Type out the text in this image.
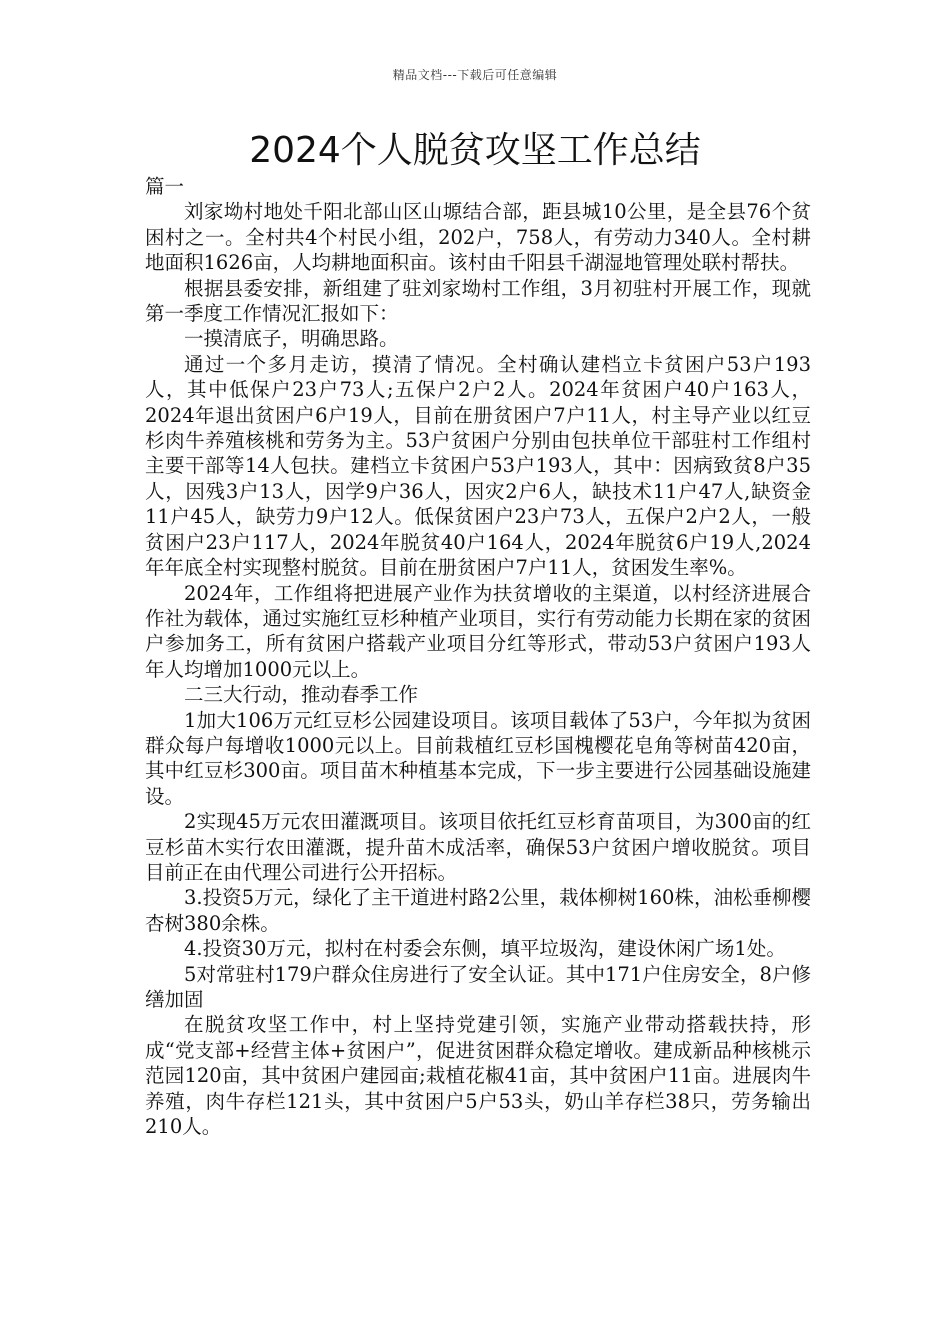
精品文档---下载后可任意编辑
2024个人脱贫攻坚工作总结

篇一

刘家坳村地处千阳北部山区山塬结合部，距县城10公里，是全县76个贫困村之一。全村共4个村民小组，202户，758人，有劳动力340人。全村耕地面积1626亩，人均耕地面积亩。该村由千阳县千湖湿地管理处联村帮扶。

根据县委安排，新组建了驻刘家坳村工作组，3月初驻村开展工作，现就第一季度工作情况汇报如下：

一摸清底子，明确思路。

通过一个多月走访，摸清了情况。全村确认建档立卡贫困户53户193人，其中低保户23户73人;五保户2户2人。2024年贫困户40户163人，2024年退出贫困户6户19人，目前在册贫困户7户11人，村主导产业以红豆杉肉牛养殖核桃和劳务为主。53户贫困户分别由包扶单位干部驻村工作组村主要干部等14人包扶。建档立卡贫困户53户193人，其中：因病致贫8户35人，因残3户13人，因学9户36人，因灾2户6人，缺技术11户47人,缺资金11户45人，缺劳力9户12人。低保贫困户23户73人，五保户2户2人，一般贫困户23户117人，2024年脱贫40户164人，2024年脱贫6户19人,2024年年底全村实现整村脱贫。目前在册贫困户7户11人，贫困发生率%。

2024年，工作组将把进展产业作为扶贫增收的主渠道，以村经济进展合作社为载体，通过实施红豆杉种植产业项目，实行有劳动能力长期在家的贫困户参加务工，所有贫困户搭载产业项目分红等形式，带动53户贫困户193人年人均增加1000元以上。

二三大行动，推动春季工作

1加大106万元红豆杉公园建设项目。该项目载体了53户，今年拟为贫困群众每户每增收1000元以上。目前栽植红豆杉国槐樱花皂角等树苗420亩，其中红豆杉300亩。项目苗木种植基本完成，下一步主要进行公园基础设施建设。

2实现45万元农田灌溉项目。该项目依托红豆杉育苗项目，为300亩的红豆杉苗木实行农田灌溉，提升苗木成活率，确保53户贫困户增收脱贫。项目目前正在由代理公司进行公开招标。

3.投资5万元，绿化了主干道进村路2公里，栽体柳树160株，油松垂柳樱杏树380余株。

4.投资30万元，拟村在村委会东侧，填平垃圾沟，建设休闲广场1处。

5对常驻村179户群众住房进行了安全认证。其中171户住房安全，8户修缮加固

在脱贫攻坚工作中，村上坚持党建引领，实施产业带动搭载扶持，形成“党支部+经营主体+贫困户”，促进贫困群众稳定增收。建成新品种核桃示范园120亩，其中贫困户建园亩;栽植花椒41亩，其中贫困户11亩。进展肉牛养殖，肉牛存栏121头，其中贫困户5户53头，奶山羊存栏38只，劳务输出210人。
